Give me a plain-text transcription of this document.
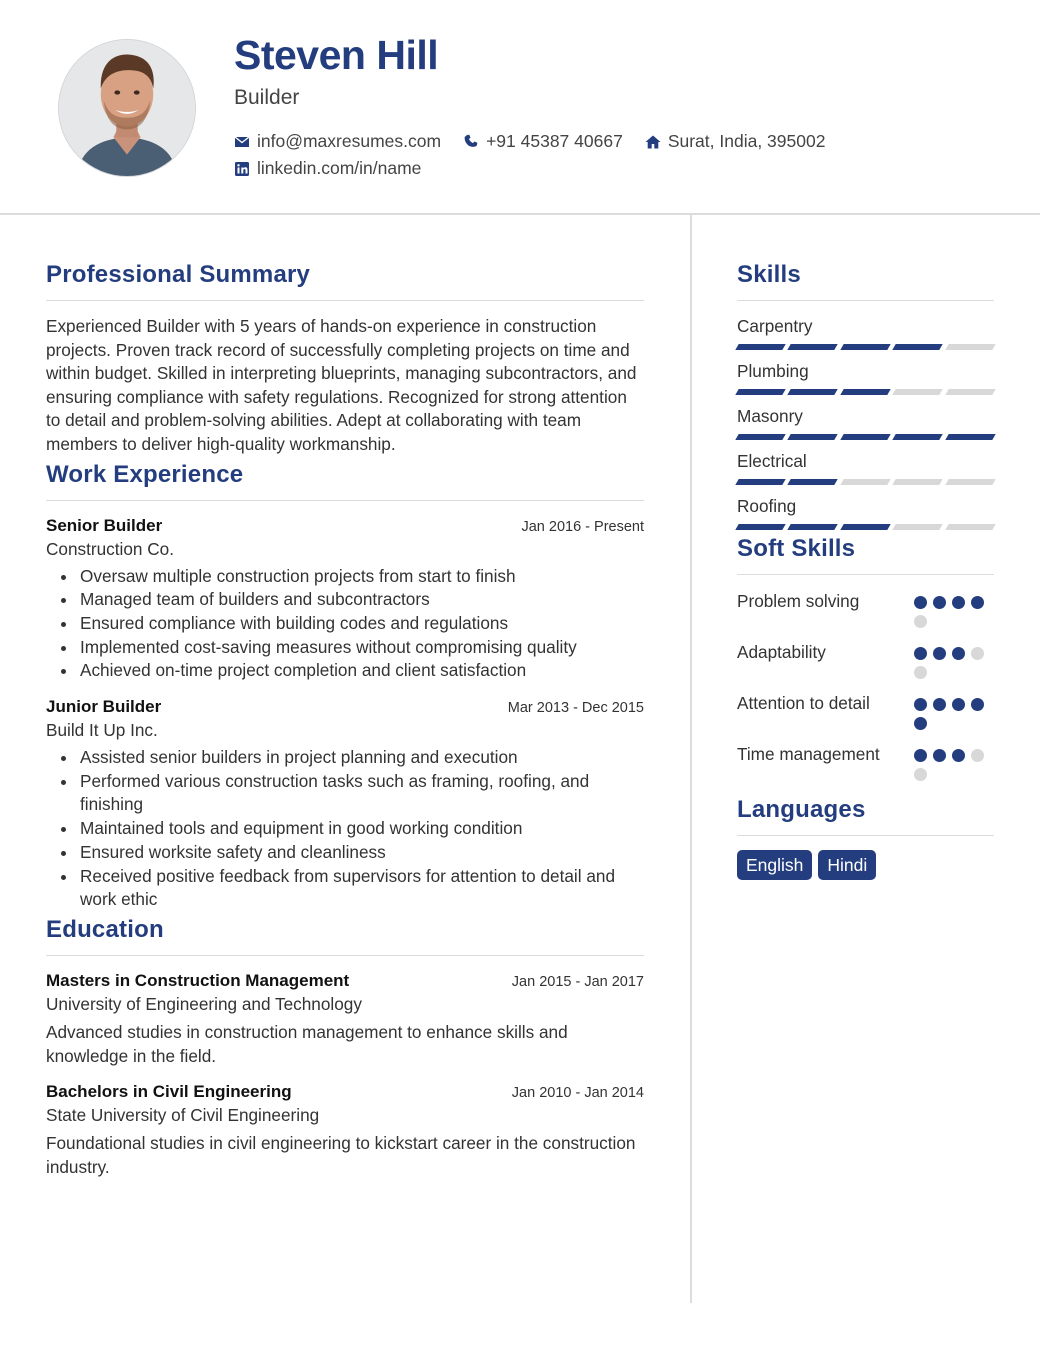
Steven Hill
Builder
info@maxresumes.com	+91 45387 40667	Surat, India, 395002
linkedin.com/in/name
Professional Summary

Experienced Builder with 5 years of hands-on experience in construction projects. Proven track record of successfully completing projects on time and within budget. Skilled in interpreting blueprints, managing subcontractors, and ensuring compliance with safety regulations. Recognized for strong attention to detail and problem-solving abilities. Adept at collaborating with team members to deliver high-quality workmanship.

Work Experience
Senior Builder	Jan 2016 - Present
Construction Co.
• Oversaw multiple construction projects from start to finish
• Managed team of builders and subcontractors
• Ensured compliance with building codes and regulations
• Implemented cost-saving measures without compromising quality
• Achieved on-time project completion and client satisfaction
Junior Builder	Mar 2013 - Dec 2015
Build It Up Inc.
• Assisted senior builders in project planning and execution
• Performed various construction tasks such as framing, roofing, and finishing
• Maintained tools and equipment in good working condition
• Ensured worksite safety and cleanliness
• Received positive feedback from supervisors for attention to detail and work ethic
Education
Masters in Construction Management	Jan 2015 - Jan 2017
University of Engineering and Technology

Advanced studies in construction management to enhance skills and knowledge in the field.

Bachelors in Civil Engineering	Jan 2010 - Jan 2014
State University of Civil Engineering

Foundational studies in civil engineering to kickstart career in the construction industry.

Skills
Carpentry
Plumbing
Masonry
Electrical
Roofing
Soft Skills
Problem solving
Adaptability
Attention to detail
Time management
Languages
English	Hindi
